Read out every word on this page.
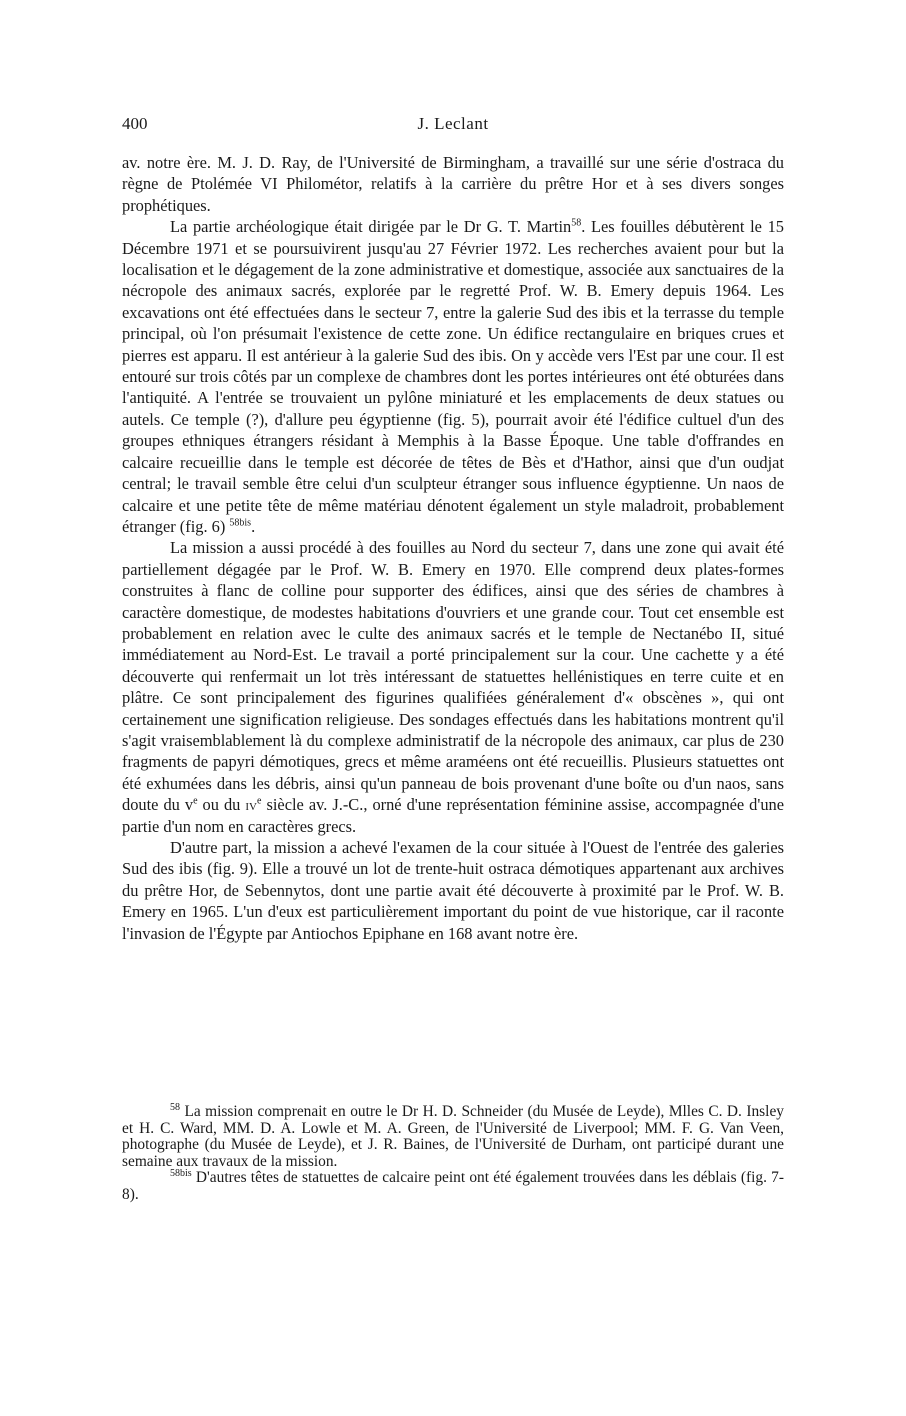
400	J. Leclant

av. notre ère. M. J. D. Ray, de l'Université de Birmingham, a travaillé sur une série d'ostraca du règne de Ptolémée VI Philométor, relatifs à la carrière du prêtre Hor et à ses divers songes prophétiques.

La partie archéologique était dirigée par le Dr G. T. Martin$^{58}$. Les fouilles débutèrent le 15 Décembre 1971 et se poursuivirent jusqu'au 27 Février 1972. Les recherches avaient pour but la localisation et le dégagement de la zone administrative et domestique, associée aux sanctuaires de la nécropole des animaux sacrés, explorée par le regretté Prof. W. B. Emery depuis 1964. Les excavations ont été effectuées dans le secteur 7, entre la galerie Sud des ibis et la terrasse du temple principal, où l'on présumait l'existence de cette zone. Un édifice rectangulaire en briques crues et pierres est apparu. Il est antérieur à la galerie Sud des ibis. On y accède vers l'Est par une cour. Il est entouré sur trois côtés par un complexe de chambres dont les portes intérieures ont été obturées dans l'antiquité. A l'entrée se trouvaient un pylône miniaturé et les emplacements de deux statues ou autels. Ce temple (?), d'allure peu égyptienne (fig. 5), pourrait avoir été l'édifice cultuel d'un des groupes ethniques étrangers résidant à Memphis à la Basse Époque. Une table d'offrandes en calcaire recueillie dans le temple est décorée de têtes de Bès et d'Hathor, ainsi que d'un oudjat central; le travail semble être celui d'un sculpteur étranger sous influence égyptienne. Un naos de calcaire et une petite tête de même matériau dénotent également un style maladroit, probablement étranger (fig. 6) $^{58bis}$.

La mission a aussi procédé à des fouilles au Nord du secteur 7, dans une zone qui avait été partiellement dégagée par le Prof. W. B. Emery en 1970. Elle comprend deux plates-formes construites à flanc de colline pour supporter des édifices, ainsi que des séries de chambres à caractère domestique, de modestes habitations d'ouvriers et une grande cour. Tout cet ensemble est probablement en relation avec le culte des animaux sacrés et le temple de Nectanébo II, situé immédiatement au Nord-Est. Le travail a porté principalement sur la cour. Une cachette y a été découverte qui renfermait un lot très intéressant de statuettes hellénistiques en terre cuite et en plâtre. Ce sont principalement des figurines qualifiées généralement d'« obscènes », qui ont certainement une signification religieuse. Des sondages effectués dans les habitations montrent qu'il s'agit vraisemblablement là du complexe administratif de la nécropole des animaux, car plus de 230 fragments de papyri démotiques, grecs et même araméens ont été recueillis. Plusieurs statuettes ont été exhumées dans les débris, ainsi qu'un panneau de bois provenant d'une boîte ou d'un naos, sans doute du $v^e$ ou du $iv^e$ siècle av. J.-C., orné d'une représentation féminine assise, accompagnée d'une partie d'un nom en caractères grecs.

D'autre part, la mission a achevé l'examen de la cour située à l'Ouest de l'entrée des galeries Sud des ibis (fig. 9). Elle a trouvé un lot de trente-huit ostraca démotiques appartenant aux archives du prêtre Hor, de Sebennytos, dont une partie avait été découverte à proximité par le Prof. W. B. Emery en 1965. L'un d'eux est particulièrement important du point de vue historique, car il raconte l'invasion de l'Égypte par Antiochos Epiphane en 168 avant notre ère.

$^{58}$ La mission comprenait en outre le Dr H. D. Schneider (du Musée de Leyde), Mlles C. D. Insley et H. C. Ward, MM. D. A. Lowle et M. A. Green, de l'Université de Liverpool; MM. F. G. Van Veen, photographe (du Musée de Leyde), et J. R. Baines, de l'Université de Durham, ont participé durant une semaine aux travaux de la mission.

$^{58bis}$ D'autres têtes de statuettes de calcaire peint ont été également trouvées dans les déblais (fig. 7-8).
